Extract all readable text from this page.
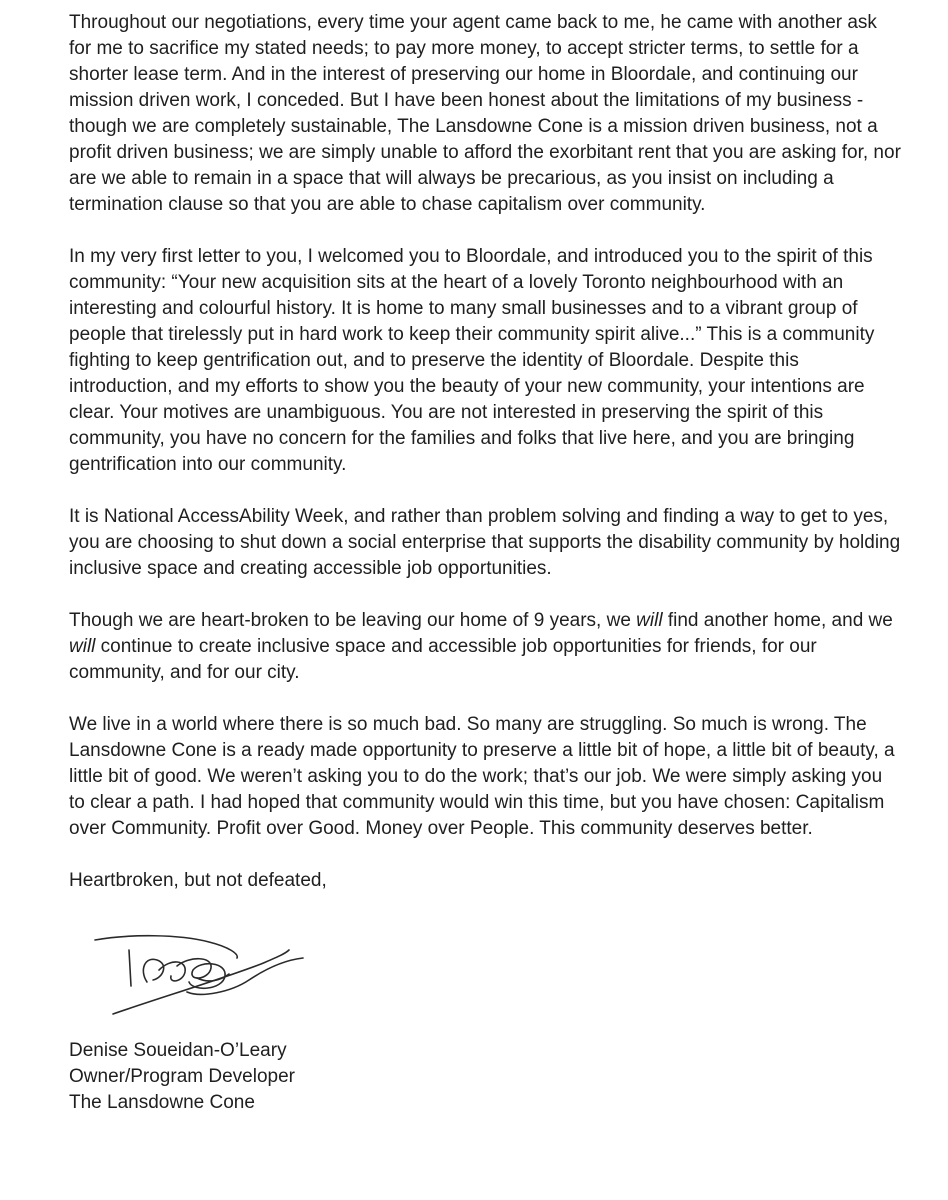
Throughout our negotiations, every time your agent came back to me, he came with another ask for me to sacrifice my stated needs; to pay more money, to accept stricter terms, to settle for a shorter lease term. And in the interest of preserving our home in Bloordale, and continuing our mission driven work, I conceded. But I have been honest about the limitations of my business - though we are completely sustainable, The Lansdowne Cone is a mission driven business, not a profit driven business; we are simply unable to afford the exorbitant rent that you are asking for, nor are we able to remain in a space that will always be precarious, as you insist on including a termination clause so that you are able to chase capitalism over community.

In my very first letter to you, I welcomed you to Bloordale, and introduced you to the spirit of this community: “Your new acquisition sits at the heart of a lovely Toronto neighbourhood with an interesting and colourful history. It is home to many small businesses and to a vibrant group of people that tirelessly put in hard work to keep their community spirit alive...” This is a community fighting to keep gentrification out, and to preserve the identity of Bloordale. Despite this introduction, and my efforts to show you the beauty of your new community, your intentions are clear. Your motives are unambiguous. You are not interested in preserving the spirit of this community, you have no concern for the families and folks that live here, and you are bringing gentrification into our community.

It is National AccessAbility Week, and rather than problem solving and finding a way to get to yes, you are choosing to shut down a social enterprise that supports the disability community by holding inclusive space and creating accessible job opportunities.

Though we are heart-broken to be leaving our home of 9 years, we will find another home, and we will continue to create inclusive space and accessible job opportunities for friends, for our community, and for our city.

We live in a world where there is so much bad. So many are struggling. So much is wrong. The Lansdowne Cone is a ready made opportunity to preserve a little bit of hope, a little bit of beauty, a little bit of good. We weren’t asking you to do the work; that’s our job. We were simply asking you to clear a path. I had hoped that community would win this time, but you have chosen: Capitalism over Community. Profit over Good. Money over People. This community deserves better.

Heartbroken, but not defeated,

Denise Soueidan-O’Leary
Owner/Program Developer
The Lansdowne Cone
